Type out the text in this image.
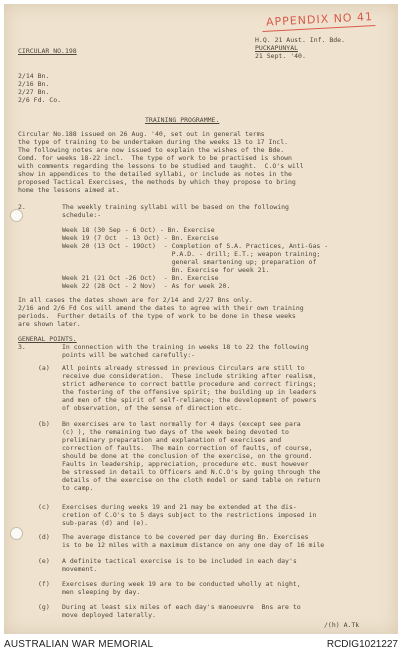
APPENDIX NO 41

CIRCULAR NO.198

H.Q. 21 Aust. Inf. Bde.

PUCKAPUNYAL

21 Sept. '40.

2/14 Bn.

2/16 Bn.

2/27 Bn.

2/6 Fd. Co.

TRAINING PROGRAMME.

Circular No.188 issued on 26 Aug. '40, set out in general terms
the type of training to be undertaken during the weeks 13 to 17 Incl.
The following notes are now issued to explain the wishes of the Bde.
Comd. for weeks 18-22 incl.  The type of work to be practised is shown
with comments regarding the lessons to be studied and taught.  C.O's will
show in appendices to the detailed syllabi, or include as notes in the
proposed Tactical Exercises, the methods by which they propose to bring
home the lessons aimed at.

2.	The weekly training syllabi will be based on the following
schedule:-

Week 18 (30 Sep - 6 Oct) - Bn. Exercise
Week 19 (7 Oct  - 13 Oct) - Bn. Exercise
Week 20 (13 Oct - 19Oct)  - Completion of S.A. Practices, Anti-Gas -
P.A.D. - drill; E.T.; weapon training;
general smartening up; preparation of
Bn. Exercise for week 21.
Week 21 (21 Oct -26 Oct)  - Bn. Exercise
Week 22 (28 Oct - 2 Nov)  - As for week 20.

In all cases the dates shown are for 2/14 and 2/27 Bns only.
2/16 and 2/6 Fd Cos will amend the dates to agree with their own training
periods.  Further details of the type of work to be done in these weeks
are shown later.

GENERAL POINTS.

3.	In connection with the training in weeks 18 to 22 the following
points will be watched carefully:-

(a) All points already stressed in previous Circulars are still to
receive due consideration.  These include striking after realism,
strict adherence to correct battle procedure and correct firings;
the fostering of the offensive spirit; the building up in leaders
and men of the spirit of self-reliance; the development of powers
of observation, of the sense of direction etc.

(b) Bn exercises are to last normally for 4 days (except see para
(c) ), the remaining two days of the week being devoted to
preliminary preparation and explanation of exercises and
correction of faults.  The main correction of faults, of course,
should be done at the conclusion of the exercise, on the ground.
Faults in leadership, appreciation, procedure etc. must however
be stressed in detail to Officers and N.C.O's by going through the
details of the exercise on the cloth model or sand table on return
to camp.

(c) Exercises during weeks 19 and 21 may be extended at the dis-
cretion of C.O's to 5 days subject to the restrictions imposed in
sub-paras (d) and (e).

(d) The average distance to be covered per day during Bn. Exercises
is to be 12 miles with a maximum distance on any one day of 16 mile

(e) A definite tactical exercise is to be included in each day's
movement.

(f) Exercises during week 19 are to be conducted wholly at night,
men sleeping by day.

(g) During at least six miles of each day's manoeuvre  Bns are to
move deployed laterally.

/(h) A.Tk

AUSTRALIAN WAR MEMORIAL	RCDIG1021227
